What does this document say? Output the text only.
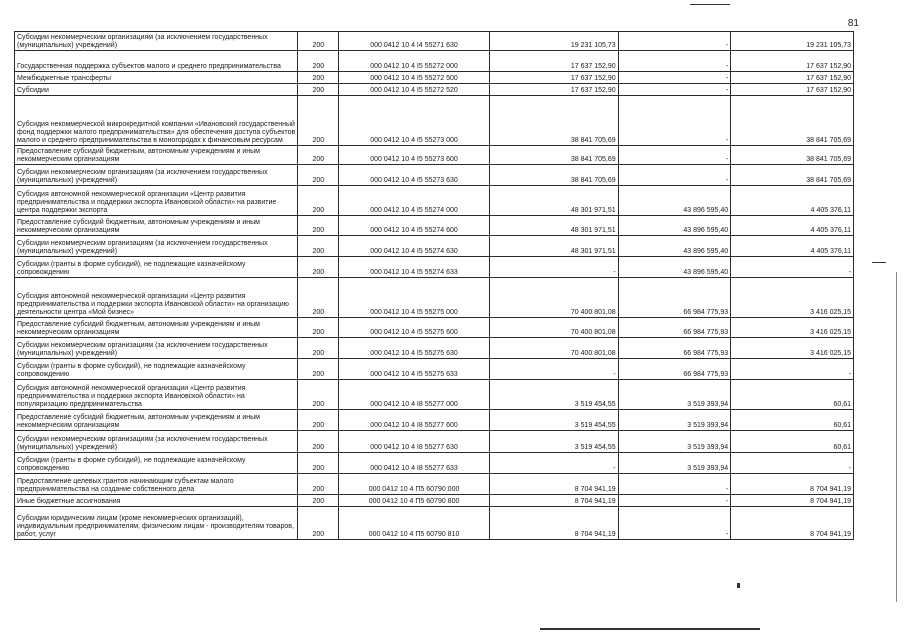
81
Субсидии некоммерческим организациям (за исключением государственных (муниципальных) учреждений)	200	000 0412 10 4 I4 55271 630	19 231 105,73	-	19 231 105,73
Государственная поддержка субъектов малого и среднего предпринимательства	200	000 0412 10 4 I5 55272 000	17 637 152,90	-	17 637 152,90
Межбюджетные трансферты	200	000 0412 10 4 I5 55272 500	17 637 152,90	-	17 637 152,90
Субсидии	200	000 0412 10 4 I5 55272 520	17 637 152,90	-	17 637 152,90
Субсидия некоммерческой микрокредитной компании «Ивановский государственный фонд поддержки малого предпринимательства» для обеспечения доступа субъектов малого и среднего предпринимательства в моногородах к финансовым ресурсам	200	000 0412 10 4 I5 55273 000	38 841 705,69	-	38 841 705,69
Предоставление субсидий бюджетным, автономным учреждениям и иным некоммерческим организациям	200	000 0412 10 4 I5 55273 600	38 841 705,69	-	38 841 705,69
Субсидии некоммерческим организациям (за исключением государственных (муниципальных) учреждений)	200	000 0412 10 4 I5 55273 630	38 841 705,69	-	38 841 705,69
Субсидия автономной некоммерческой организации «Центр развития предпринимательства и поддержки экспорта Ивановской области» на развитие центра поддержки экспорта	200	000 0412 10 4 I5 55274 000	48 301 971,51	43 896 595,40	4 405 376,11
Предоставление субсидий бюджетным, автономным учреждениям и иным некоммерческим организациям	200	000 0412 10 4 I5 55274 600	48 301 971,51	43 896 595,40	4 405 376,11
Субсидии некоммерческим организациям (за исключением государственных (муниципальных) учреждений)	200	000 0412 10 4 I5 55274 630	48 301 971,51	43 896 595,40	4 405 376,11
Субсидии (гранты в форме субсидий), не подлежащие казначейскому сопровождению	200	000 0412 10 4 I5 55274 633	-	43 896 595,40	-
Субсидия автономной некоммерческой организации «Центр развития предпринимательства и поддержки экспорта Ивановской области» на организацию деятельности центра «Мой бизнес»	200	000 0412 10 4 I5 55275 000	70 400 801,08	66 984 775,93	3 416 025,15
Предоставление субсидий бюджетным, автономным учреждениям и иным некоммерческим организациям	200	000 0412 10 4 I5 55275 600	70 400 801,08	66 984 775,93	3 416 025,15
Субсидии некоммерческим организациям (за исключением государственных (муниципальных) учреждений)	200	000 0412 10 4 I5 55275 630	70 400 801,08	66 984 775,93	3 416 025,15
Субсидии (гранты в форме субсидий), не подлежащие казначейскому сопровождению	200	000 0412 10 4 I5 55275 633	-	66 984 775,93	-
Субсидия автономной некоммерческой организации «Центр развития предпринимательства и поддержки экспорта Ивановской области» на популяризацию предпринимательства	200	000 0412 10 4 I8 55277 000	3 519 454,55	3 519 393,94	60,61
Предоставление субсидий бюджетным, автономным учреждениям и иным некоммерческим организациям	200	000 0412 10 4 I8 55277 600	3 519 454,55	3 519 393,94	60,61
Субсидии некоммерческим организациям (за исключением государственных (муниципальных) учреждений)	200	000 0412 10 4 I8 55277 630	3 519 454,55	3 519 393,94	60,61
Субсидии (гранты в форме субсидий), не подлежащие казначейскому сопровождению	200	000 0412 10 4 I8 55277 633	-	3 519 393,94	-
Предоставление целевых грантов начинающим субъектам малого предпринимательства на создание собственного дела	200	000 0412 10 4 П5 60790 000	8 704 941,19	-	8 704 941,19
Иные бюджетные ассигнования	200	000 0412 10 4 П5 60790 800	8 704 941,19	-	8 704 941,19
Субсидии юридическим лицам (кроме некоммерческих организаций), индивидуальным предпринимателям, физическим лицам - производителям товаров, работ, услуг	200	000 0412 10 4 П5 60790 810	8 704 941,19	-	8 704 941,19
